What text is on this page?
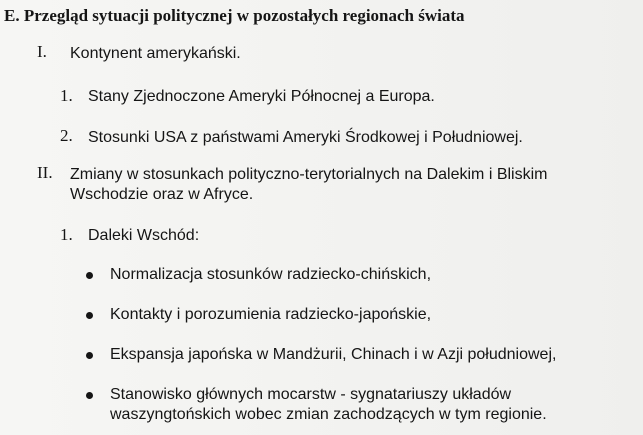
E. Przegląd sytuacji politycznej w pozostałych regionach świata
I. Kontynent amerykański.
1. Stany Zjednoczone Ameryki Północnej a Europa.
2. Stosunki USA z państwami Ameryki Środkowej i Południowej.
II. Zmiany w stosunkach polityczno-terytorialnych na Dalekim i Bliskim
Wschodzie oraz w Afryce.
1. Daleki Wschód:
Normalizacja stosunków radziecko-chińskich,
Kontakty i porozumienia radziecko-japońskie,
Ekspansja japońska w Mandżurii, Chinach i w Azji południowej,
Stanowisko głównych mocarstw - sygnatariuszy układów
waszyngtońskich wobec zmian zachodzących w tym regionie.
